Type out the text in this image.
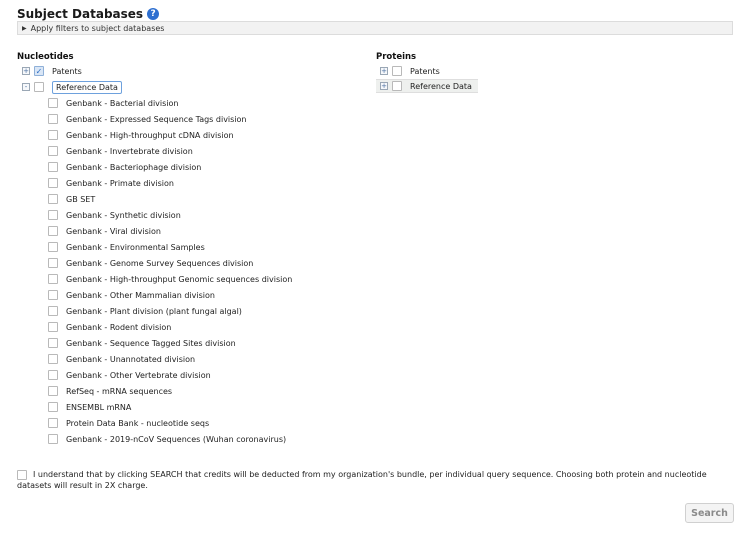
Subject Databases ?
▶ Apply filters to subject databases
Nucleotides
+ ✓ Patents
-	Reference Data
Genbank - Bacterial division
Genbank - Expressed Sequence Tags division
Genbank - High-throughput cDNA division
Genbank - Invertebrate division
Genbank - Bacteriophage division
Genbank - Primate division
GB SET
Genbank - Synthetic division
Genbank - Viral division
Genbank - Environmental Samples
Genbank - Genome Survey Sequences division
Genbank - High-throughput Genomic sequences division
Genbank - Other Mammalian division
Genbank - Plant division (plant fungal algal)
Genbank - Rodent division
Genbank - Sequence Tagged Sites division
Genbank - Unannotated division
Genbank - Other Vertebrate division
RefSeq - mRNA sequences
ENSEMBL mRNA
Protein Data Bank - nucleotide seqs
Genbank - 2019-nCoV Sequences (Wuhan coronavirus)
Proteins
+	Patents
+	Reference Data
I understand that by clicking SEARCH that credits will be deducted from my organization's bundle, per individual query sequence. Choosing both protein and nucleotide datasets will result in 2X charge.
Search
